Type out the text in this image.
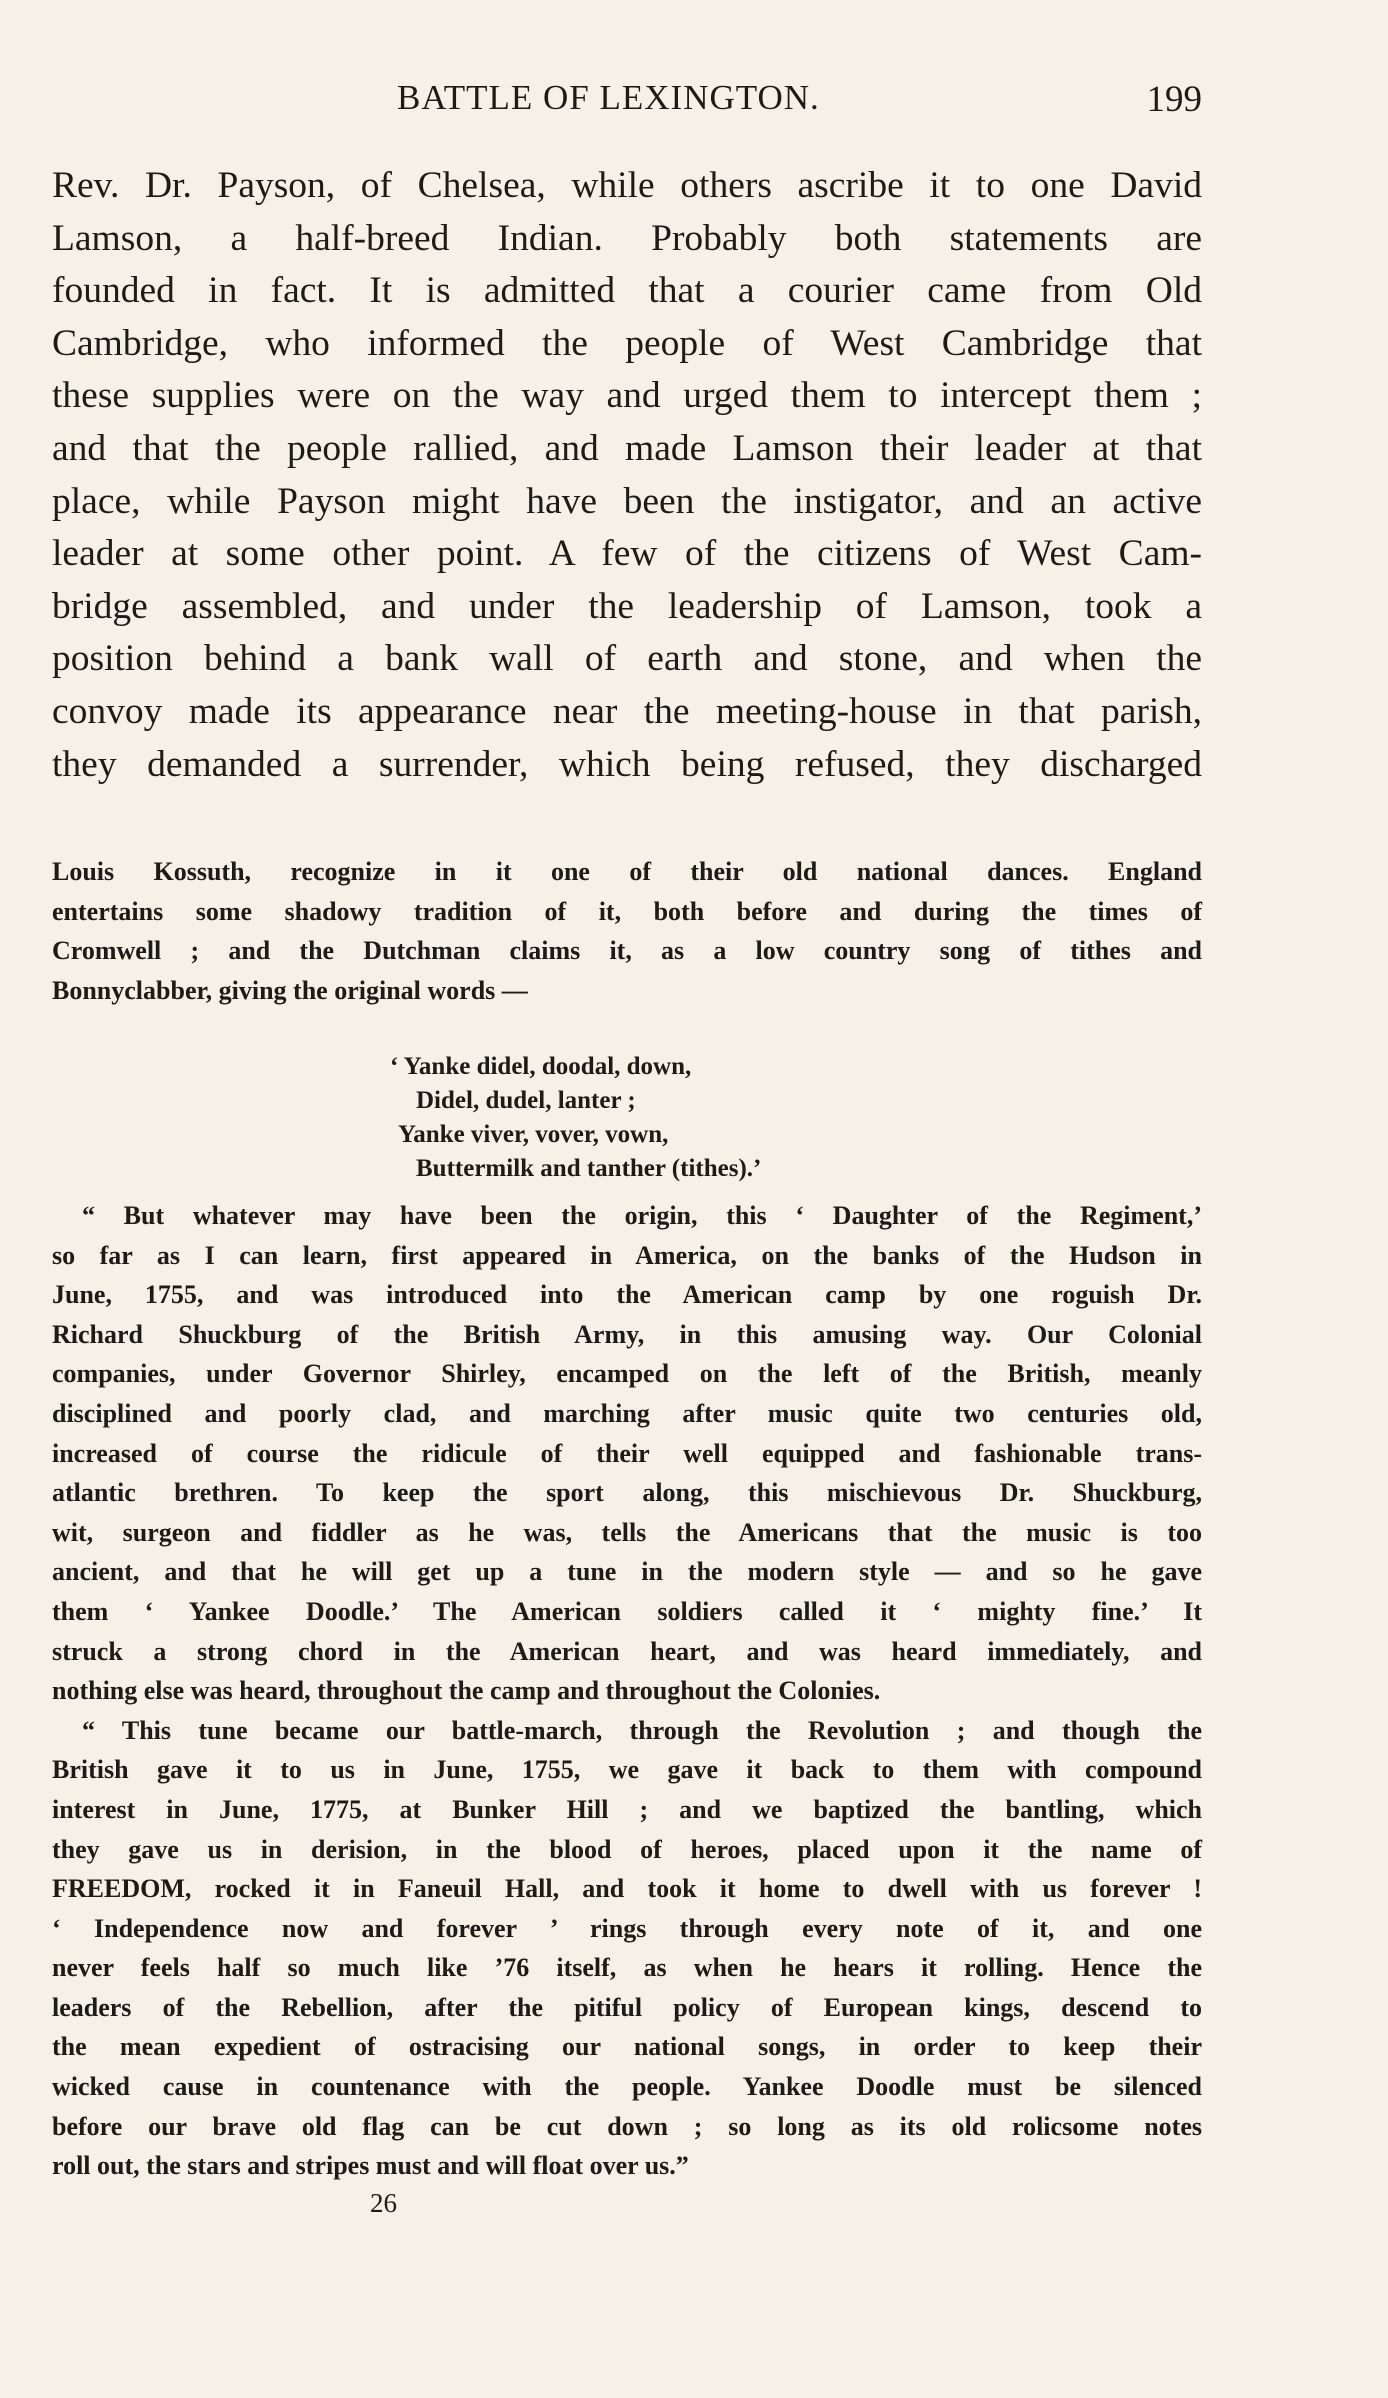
BATTLE OF LEXINGTON.	199
Rev. Dr. Payson, of Chelsea, while others ascribe it to one David
Lamson, a half-breed Indian. Probably both statements are
founded in fact. It is admitted that a courier came from Old
Cambridge, who informed the people of West Cambridge that
these supplies were on the way and urged them to intercept them ;
and that the people rallied, and made Lamson their leader at that
place, while Payson might have been the instigator, and an active
leader at some other point. A few of the citizens of West Cam-
bridge assembled, and under the leadership of Lamson, took a
position behind a bank wall of earth and stone, and when the
convoy made its appearance near the meeting-house in that parish,
they demanded a surrender, which being refused, they discharged
Louis Kossuth, recognize in it one of their old national dances. England
entertains some shadowy tradition of it, both before and during the times of
Cromwell ; and the Dutchman claims it, as a low country song of tithes and
Bonnyclabber, giving the original words —
‘ Yanke didel, doodal, down,
Didel, dudel, lanter ;
Yanke viver, vover, vown,
Buttermilk and tanther (tithes).’
“ But whatever may have been the origin, this ‘ Daughter of the Regiment,’
so far as I can learn, first appeared in America, on the banks of the Hudson in
June, 1755, and was introduced into the American camp by one roguish Dr.
Richard Shuckburg of the British Army, in this amusing way. Our Colonial
companies, under Governor Shirley, encamped on the left of the British, meanly
disciplined and poorly clad, and marching after music quite two centuries old,
increased of course the ridicule of their well equipped and fashionable trans-
atlantic brethren. To keep the sport along, this mischievous Dr. Shuckburg,
wit, surgeon and fiddler as he was, tells the Americans that the music is too
ancient, and that he will get up a tune in the modern style — and so he gave
them ‘ Yankee Doodle.’ The American soldiers called it ‘ mighty fine.’ It
struck a strong chord in the American heart, and was heard immediately, and
nothing else was heard, throughout the camp and throughout the Colonies.
“ This tune became our battle-march, through the Revolution ; and though the
British gave it to us in June, 1755, we gave it back to them with compound
interest in June, 1775, at Bunker Hill ; and we baptized the bantling, which
they gave us in derision, in the blood of heroes, placed upon it the name of
FREEDOM, rocked it in Faneuil Hall, and took it home to dwell with us forever !
‘ Independence now and forever ’ rings through every note of it, and one
never feels half so much like ’76 itself, as when he hears it rolling. Hence the
leaders of the Rebellion, after the pitiful policy of European kings, descend to
the mean expedient of ostracising our national songs, in order to keep their
wicked cause in countenance with the people. Yankee Doodle must be silenced
before our brave old flag can be cut down ; so long as its old rolicsome notes
roll out, the stars and stripes must and will float over us.”
26
